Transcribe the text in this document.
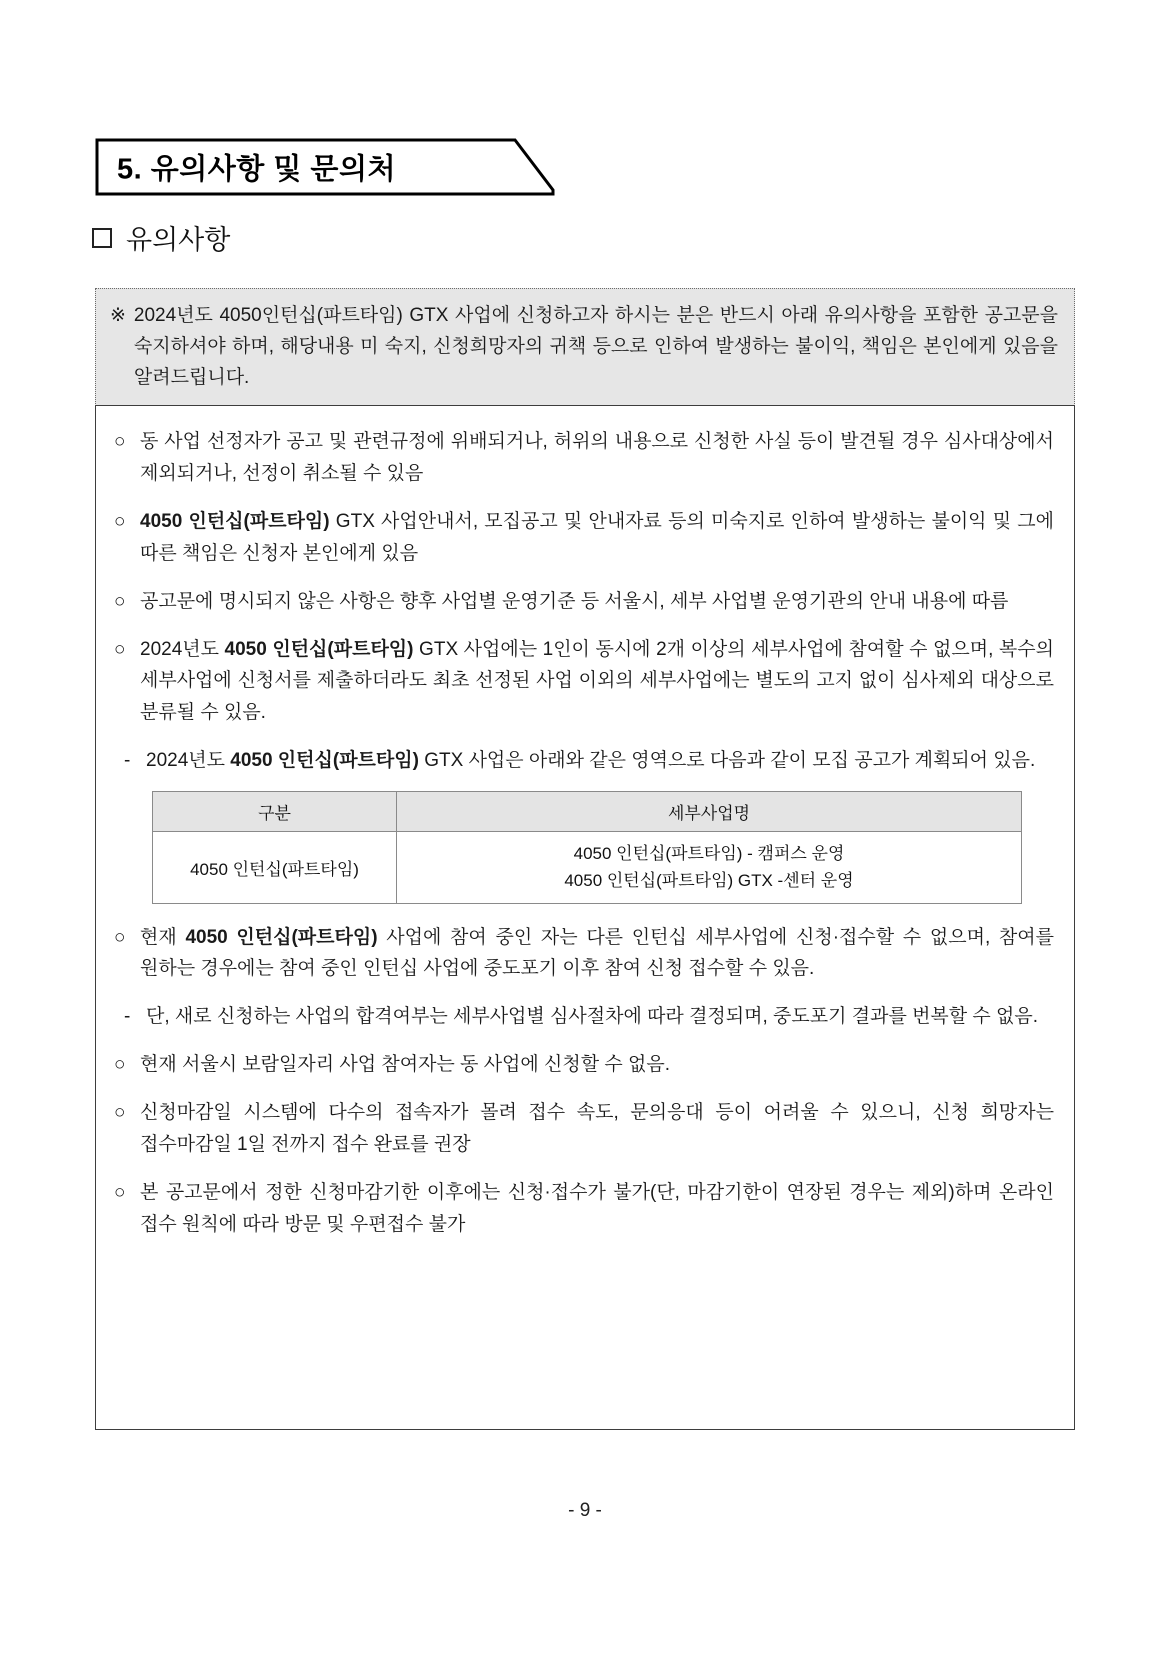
5. 유의사항 및 문의처
유의사항
※ 2024년도 4050인턴십(파트타임) GTX 사업에 신청하고자 하시는 분은 반드시 아래 유의사항을 포함한 공고문을 숙지하셔야 하며, 해당내용 미 숙지, 신청희망자의 귀책 등으로 인하여 발생하는 불이익, 책임은 본인에게 있음을 알려드립니다.
○ 동 사업 선정자가 공고 및 관련규정에 위배되거나, 허위의 내용으로 신청한 사실 등이 발견될 경우 심사대상에서 제외되거나, 선정이 취소될 수 있음
○ 4050 인턴십(파트타임) GTX 사업안내서, 모집공고 및 안내자료 등의 미숙지로 인하여 발생하는 불이익 및 그에 따른 책임은 신청자 본인에게 있음
○ 공고문에 명시되지 않은 사항은 향후 사업별 운영기준 등 서울시, 세부 사업별 운영기관의 안내 내용에 따름
○ 2024년도 4050 인턴십(파트타임) GTX 사업에는 1인이 동시에 2개 이상의 세부사업에 참여할 수 없으며, 복수의 세부사업에 신청서를 제출하더라도 최초 선정된 사업 이외의 세부사업에는 별도의 고지 없이 심사제외 대상으로 분류될 수 있음.
- 2024년도 4050 인턴십(파트타임) GTX 사업은 아래와 같은 영역으로 다음과 같이 모집 공고가 계획되어 있음.
구분	세부사업명
4050 인턴십(파트타임)	4050 인턴십(파트타임) - 캠퍼스 운영
4050 인턴십(파트타임) GTX -센터 운영
○ 현재 4050 인턴십(파트타임) 사업에 참여 중인 자는 다른 인턴십 세부사업에 신청·접수할 수 없으며, 참여를 원하는 경우에는 참여 중인 인턴십 사업에 중도포기 이후 참여 신청 접수할 수 있음.
- 단, 새로 신청하는 사업의 합격여부는 세부사업별 심사절차에 따라 결정되며, 중도포기 결과를 번복할 수 없음.
○ 현재 서울시 보람일자리 사업 참여자는 동 사업에 신청할 수 없음.
○ 신청마감일 시스템에 다수의 접속자가 몰려 접수 속도, 문의응대 등이 어려울 수 있으니, 신청 희망자는 접수마감일 1일 전까지 접수 완료를 권장
○ 본 공고문에서 정한 신청마감기한 이후에는 신청·접수가 불가(단, 마감기한이 연장된 경우는 제외)하며 온라인 접수 원칙에 따라 방문 및 우편접수 불가
- 9 -
